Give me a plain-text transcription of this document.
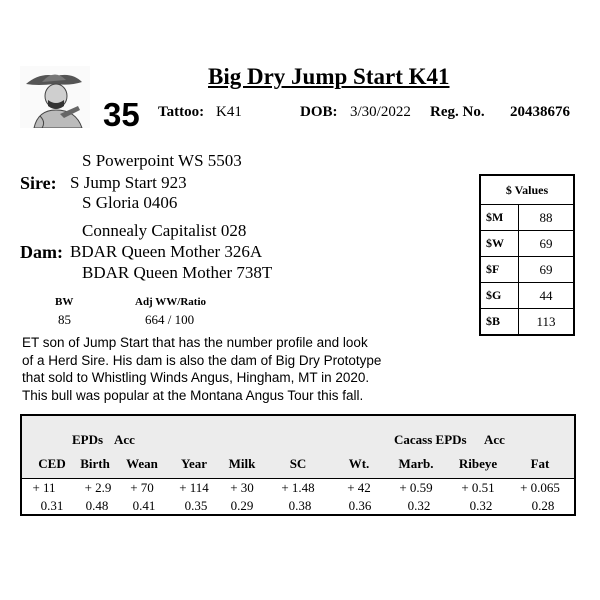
Big Dry Jump Start K41
35 Tattoo: K41	DOB: 3/30/2022 Reg. No. 20438676
S Powerpoint WS 5503
Sire: S Jump Start 923
S Gloria 0406
Connealy Capitalist 028
Dam: BDAR Queen Mother 326A
BDAR Queen Mother 738T
BW
85
Adj WW/Ratio
664 / 100
$ Values
$M	88
$W	69
$F	69
$G	44
$B	113
ET son of Jump Start that has the number profile and look of a Herd Sire. His dam is also the dam of Big Dry Prototype that sold to Whistling Winds Angus, Hingham, MT in 2020. This bull was popular at the Montana Angus Tour this fall.
EPDs Acc	Cacass EPDs Acc
CED	Birth	Wean	Year	Milk	SC	Wt.	Marb.	Ribeye	Fat
+ 11	+ 2.9	+ 70	+ 114	+ 30	+ 1.48	+ 42	+ 0.59	+ 0.51	+ 0.065
0.31	0.48	0.41	0.35	0.29	0.38	0.36	0.32	0.32	0.28
